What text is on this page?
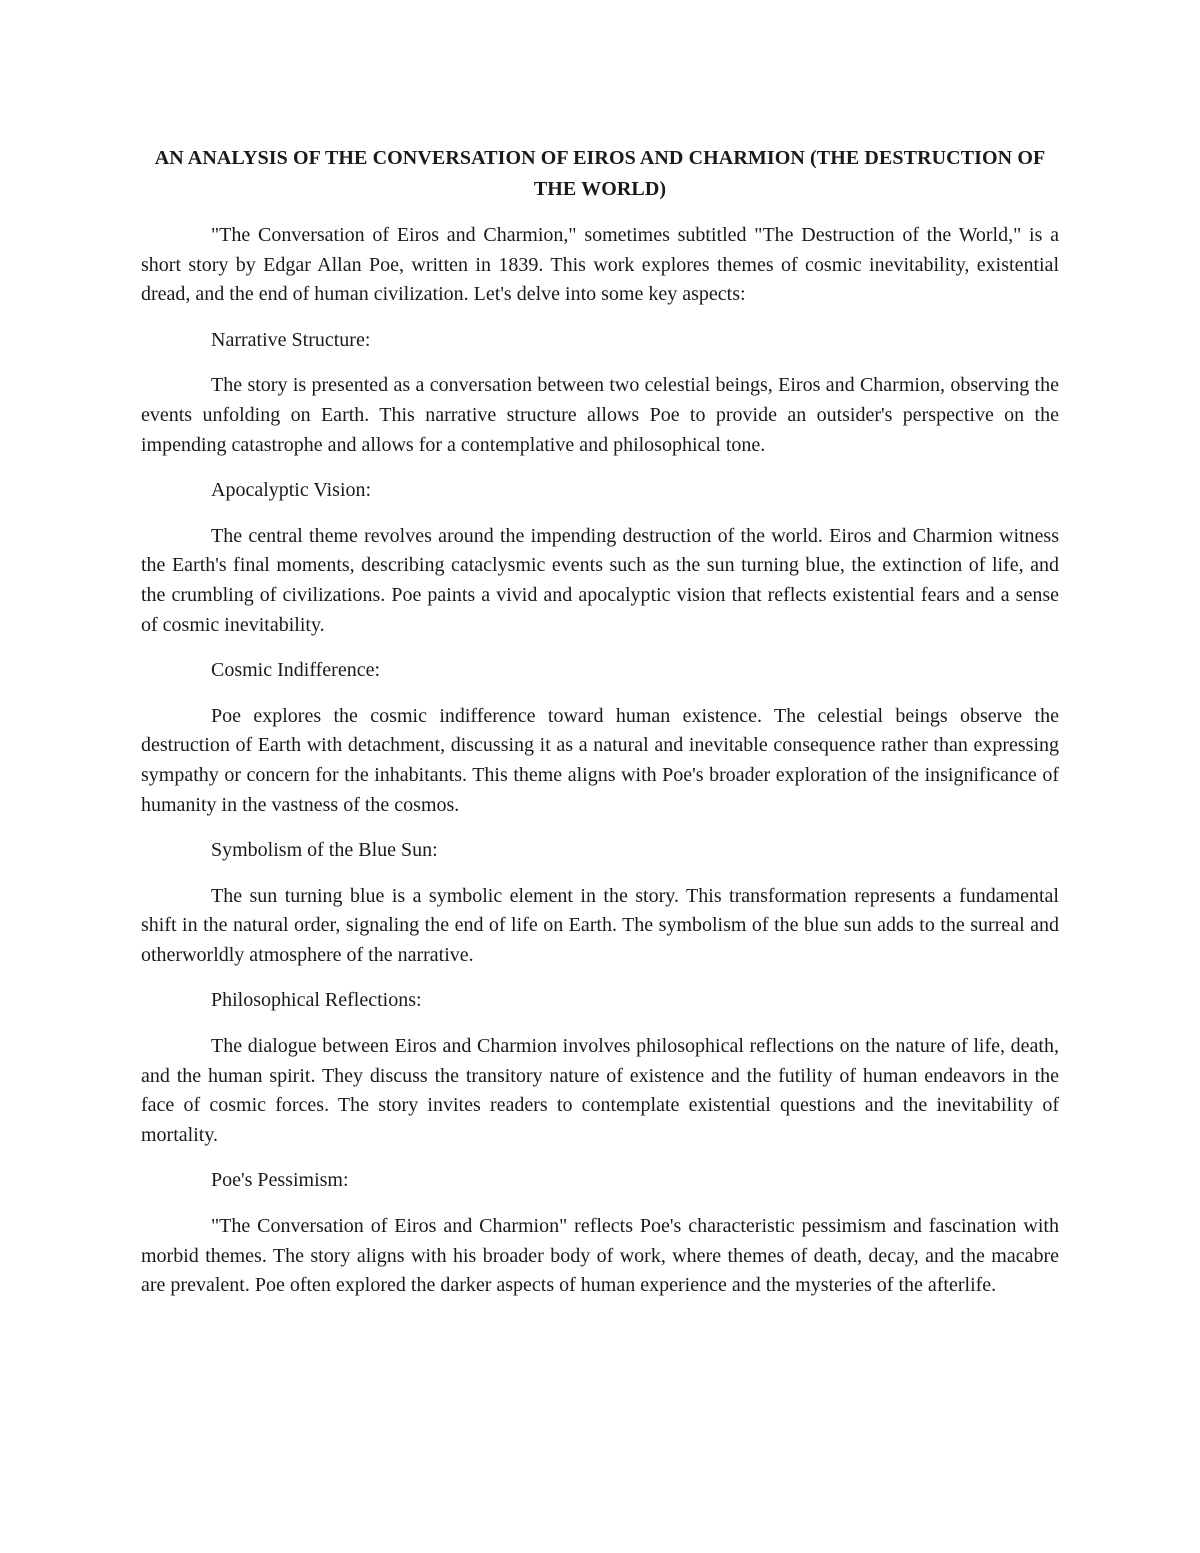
AN ANALYSIS OF THE CONVERSATION OF EIROS AND CHARMION (THE DESTRUCTION OF THE WORLD)

"The Conversation of Eiros and Charmion," sometimes subtitled "The Destruction of the World," is a short story by Edgar Allan Poe, written in 1839. This work explores themes of cosmic inevitability, existential dread, and the end of human civilization. Let's delve into some key aspects:

Narrative Structure:

The story is presented as a conversation between two celestial beings, Eiros and Charmion, observing the events unfolding on Earth. This narrative structure allows Poe to provide an outsider's perspective on the impending catastrophe and allows for a contemplative and philosophical tone.

Apocalyptic Vision:

The central theme revolves around the impending destruction of the world. Eiros and Charmion witness the Earth's final moments, describing cataclysmic events such as the sun turning blue, the extinction of life, and the crumbling of civilizations. Poe paints a vivid and apocalyptic vision that reflects existential fears and a sense of cosmic inevitability.

Cosmic Indifference:

Poe explores the cosmic indifference toward human existence. The celestial beings observe the destruction of Earth with detachment, discussing it as a natural and inevitable consequence rather than expressing sympathy or concern for the inhabitants. This theme aligns with Poe's broader exploration of the insignificance of humanity in the vastness of the cosmos.

Symbolism of the Blue Sun:

The sun turning blue is a symbolic element in the story. This transformation represents a fundamental shift in the natural order, signaling the end of life on Earth. The symbolism of the blue sun adds to the surreal and otherworldly atmosphere of the narrative.

Philosophical Reflections:

The dialogue between Eiros and Charmion involves philosophical reflections on the nature of life, death, and the human spirit. They discuss the transitory nature of existence and the futility of human endeavors in the face of cosmic forces. The story invites readers to contemplate existential questions and the inevitability of mortality.

Poe's Pessimism:

"The Conversation of Eiros and Charmion" reflects Poe's characteristic pessimism and fascination with morbid themes. The story aligns with his broader body of work, where themes of death, decay, and the macabre are prevalent. Poe often explored the darker aspects of human experience and the mysteries of the afterlife.
